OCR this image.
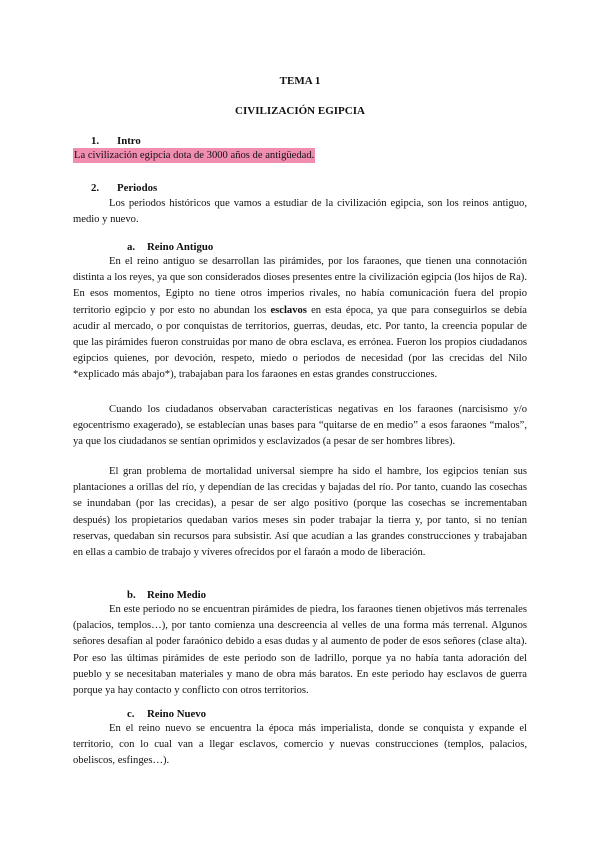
TEMA 1
CIVILIZACIÓN EGIPCIA
1. Intro
La civilización egipcia dota de 3000 años de antigüedad.
2. Periodos

Los periodos históricos que vamos a estudiar de la civilización egipcia, son los reinos antiguo, medio y nuevo.

a. Reino Antiguo

En el reino antiguo se desarrollan las pirámides, por los faraones, que tienen una connotación distinta a los reyes, ya que son considerados dioses presentes entre la civilización egipcia (los hijos de Ra). En esos momentos, Egipto no tiene otros imperios rivales, no había comunicación fuera del propio territorio egipcio y por esto no abundan los esclavos en esta época, ya que para conseguirlos se debía acudir al mercado, o por conquistas de territorios, guerras, deudas, etc. Por tanto, la creencia popular de que las pirámides fueron construidas por mano de obra esclava, es errónea. Fueron los propios ciudadanos egipcios quienes, por devoción, respeto, miedo o periodos de necesidad (por las crecidas del Nilo *explicado más abajo*), trabajaban para los faraones en estas grandes construcciones.

Cuando los ciudadanos observaban características negativas en los faraones (narcisismo y/o egocentrismo exagerado), se establecían unas bases para “quitarse de en medio” a esos faraones “malos”, ya que los ciudadanos se sentían oprimidos y esclavizados (a pesar de ser hombres libres).

El gran problema de mortalidad universal siempre ha sido el hambre, los egipcios tenían sus plantaciones a orillas del río, y dependían de las crecidas y bajadas del río. Por tanto, cuando las cosechas se inundaban (por las crecidas), a pesar de ser algo positivo (porque las cosechas se incrementaban después) los propietarios quedaban varios meses sin poder trabajar la tierra y, por tanto, si no tenían reservas, quedaban sin recursos para subsistir. Así que acudían a las grandes construcciones y trabajaban en ellas a cambio de trabajo y víveres ofrecidos por el faraón a modo de liberación.

b. Reino Medio

En este periodo no se encuentran pirámides de piedra, los faraones tienen objetivos más terrenales (palacios, templos…), por tanto comienza una descreencia al velles de una forma más terrenal. Algunos señores desafían al poder faraónico debido a esas dudas y al aumento de poder de esos señores (clase alta). Por eso las últimas pirámides de este periodo son de ladrillo, porque ya no había tanta adoración del pueblo y se necesitaban materiales y mano de obra más baratos. En este periodo hay esclavos de guerra porque ya hay contacto y conflicto con otros territorios.

c. Reino Nuevo

En el reino nuevo se encuentra la época más imperialista, donde se conquista y expande el territorio, con lo cual van a llegar esclavos, comercio y nuevas construcciones (templos, palacios, obeliscos, esfinges…).
